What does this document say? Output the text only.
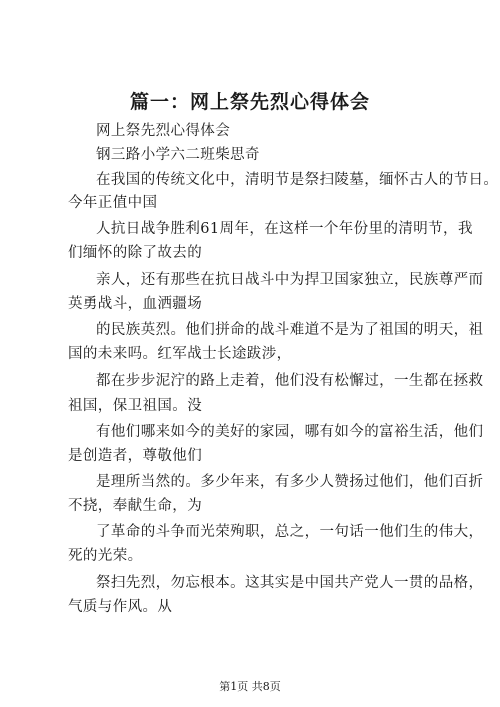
篇一：网上祭先烈心得体会
网上祭先烈心得体会
钢三路小学六二班柴思奇
在我国的传统文化中，清明节是祭扫陵墓，缅怀古人的节日。
今年正值中国
人抗日战争胜利61周年，在这样一个年份里的清明节，我
们缅怀的除了故去的
亲人，还有那些在抗日战斗中为捍卫国家独立，民族尊严而
英勇战斗，血洒疆场
的民族英烈。他们拼命的战斗难道不是为了祖国的明天，祖
国的未来吗。红军战士长途跋涉，
都在步步泥泞的路上走着，他们没有松懈过，一生都在拯救
祖国，保卫祖国。没
有他们哪来如今的美好的家园，哪有如今的富裕生活，他们
是创造者，尊敬他们
是理所当然的。多少年来，有多少人赞扬过他们，他们百折
不挠，奉献生命，为
了革命的斗争而光荣殉职，总之，一句话一他们生的伟大，
死的光荣。
祭扫先烈，勿忘根本。这其实是中国共产党人一贯的品格，
气质与作风。从
第1页 共8页
